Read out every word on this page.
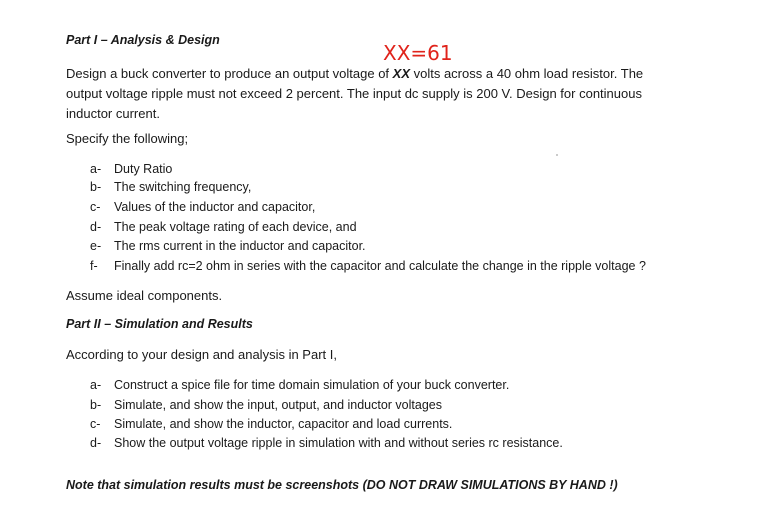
Part I – Analysis & Design
XX=61
Design a buck converter to produce an output voltage of XX volts across a 40 ohm load resistor. The
output voltage ripple must not exceed 2 percent. The input dc supply is 200 V. Design for continuous
inductor current.
Specify the following;
a- Duty Ratio
b- The switching frequency,
c- Values of the inductor and capacitor,
d- The peak voltage rating of each device, and
e- The rms current in the inductor and capacitor.
f- Finally add rc=2 ohm in series with the capacitor and calculate the change in the ripple voltage ?
Assume ideal components.
Part II – Simulation and Results
According to your design and analysis in Part I,
a- Construct a spice file for time domain simulation of your buck converter.
b- Simulate, and show the input, output, and inductor voltages
c- Simulate, and show the inductor, capacitor and load currents.
d- Show the output voltage ripple in simulation with and without series rc resistance.
Note that simulation results must be screenshots (DO NOT DRAW SIMULATIONS BY HAND !)
